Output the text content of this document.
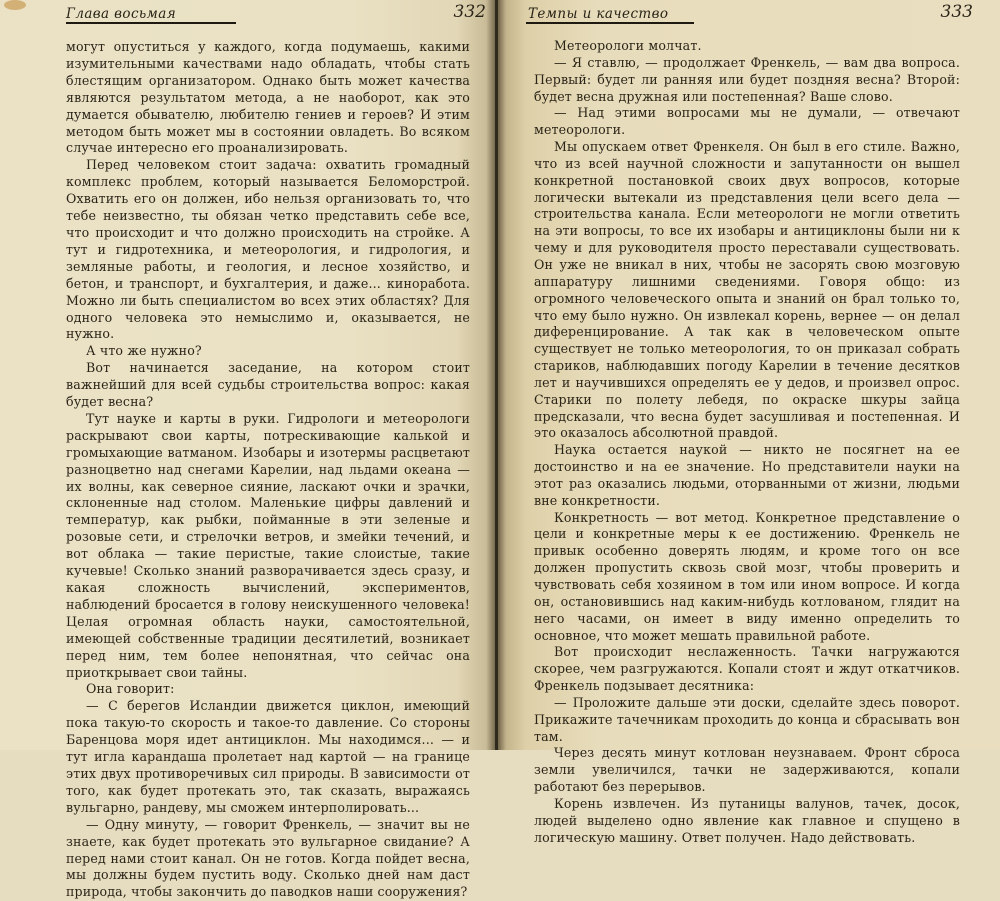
Глава восьмая	332

могут опуститься у каждого, когда подумаешь, какими изумительными качествами надо обладать, чтобы стать блестящим организатором. Однако быть может качества являются результатом метода, а не наоборот, как это думается обывателю, любителю гениев и героев? И этим методом быть может мы в состоянии овладеть. Во всяком случае интересно его проанализировать.

Перед человеком стоит задача: охватить громадный комплекс проблем, который называется Беломорстрой. Охватить его он должен, ибо нельзя организовать то, что тебе неизвестно, ты обязан четко представить себе все, что происходит и что должно происходить на стройке. А тут и гидротехника, и метеорология, и гидрология, и земляные работы, и геология, и лесное хозяйство, и бетон, и транспорт, и бухгалтерия, и даже... киноработа. Можно ли быть специалистом во всех этих областях? Для одного человека это немыслимо и, оказывается, не нужно.

А что же нужно?

Вот начинается заседание, на котором стоит важнейший для всей судьбы строительства вопрос: какая будет весна?

Тут науке и карты в руки. Гидрологи и метеорологи раскрывают свои карты, потрескивающие калькой и громыхающие ватманом. Изобары и изотермы расцветают разноцветно над снегами Карелии, над льдами океана — их волны, как северное сияние, ласкают очки и зрачки, склоненные над столом. Маленькие цифры давлений и температур, как рыбки, пойманные в эти зеленые и розовые сети, и стрелочки ветров, и змейки течений, и вот облака — такие перистые, такие слоистые, такие кучевые! Сколько знаний разворачивается здесь сразу, и какая сложность вычислений, экспериментов, наблюдений бросается в голову неискушенного человека! Целая огромная область науки, самостоятельной, имеющей собственные традиции десятилетий, возникает перед ним, тем более непонятная, что сейчас она приоткрывает свои тайны.

Она говорит:

— С берегов Исландии движется циклон, имеющий пока такую-то скорость и такое-то давление. Со стороны Баренцова моря идет антициклон. Мы находимся... — и тут игла карандаша пролетает над картой — на границе этих двух противоречивых сил природы. В зависимости от того, как будет протекать это, так сказать, выражаясь вульгарно, рандеву, мы сможем интерполировать...

— Одну минуту, — говорит Френкель, — значит вы не знаете, как будет протекать это вульгарное свидание? А перед нами стоит канал. Он не готов. Когда пойдет весна, мы должны будем пустить воду. Сколько дней нам даст природа, чтобы закончить до паводков наши сооружения?

Темпы и качество	333

Метеорологи молчат.

— Я ставлю, — продолжает Френкель, — вам два вопроса. Первый: будет ли ранняя или будет поздняя весна? Второй: будет весна дружная или постепенная? Ваше слово.

— Над этими вопросами мы не думали, — отвечают метеорологи.

Мы опускаем ответ Френкеля. Он был в его стиле. Важно, что из всей научной сложности и запутанности он вышел конкретной постановкой своих двух вопросов, которые логически вытекали из представления цели всего дела — строительства канала. Если метеорологи не могли ответить на эти вопросы, то все их изобары и антициклоны были ни к чему и для руководителя просто переставали существовать. Он уже не вникал в них, чтобы не засорять свою мозговую аппаратуру лишними сведениями. Говоря общо: из огромного человеческого опыта и знаний он брал только то, что ему было нужно. Он извлекал корень, вернее — он делал диференцирование. А так как в человеческом опыте существует не только метеорология, то он приказал собрать стариков, наблюдавших погоду Карелии в течение десятков лет и научившихся определять ее у дедов, и произвел опрос. Старики по полету лебедя, по окраске шкуры зайца предсказали, что весна будет засушливая и постепенная. И это оказалось абсолютной правдой.

Наука остается наукой — никто не посягнет на ее достоинство и на ее значение. Но представители науки на этот раз оказались людьми, оторванными от жизни, людьми вне конкретности.

Конкретность — вот метод. Конкретное представление о цели и конкретные меры к ее достижению. Френкель не привык особенно доверять людям, и кроме того он все должен пропустить сквозь свой мозг, чтобы проверить и чувствовать себя хозяином в том или ином вопросе. И когда он, остановившись над каким-нибудь котлованом, глядит на него часами, он имеет в виду именно определить то основное, что может мешать правильной работе.

Вот происходит неслаженность. Тачки нагружаются скорее, чем разгружаются. Копали стоят и ждут откатчиков. Френкель подзывает десятника:

— Проложите дальше эти доски, сделайте здесь поворот. Прикажите тачечникам проходить до конца и сбрасывать вон там.

Через десять минут котлован неузнаваем. Фронт сброса земли увеличился, тачки не задерживаются, копали работают без перерывов.

Корень извлечен. Из путаницы валунов, тачек, досок, людей выделено одно явление как главное и спущено в логическую машину. Ответ получен. Надо действовать.
